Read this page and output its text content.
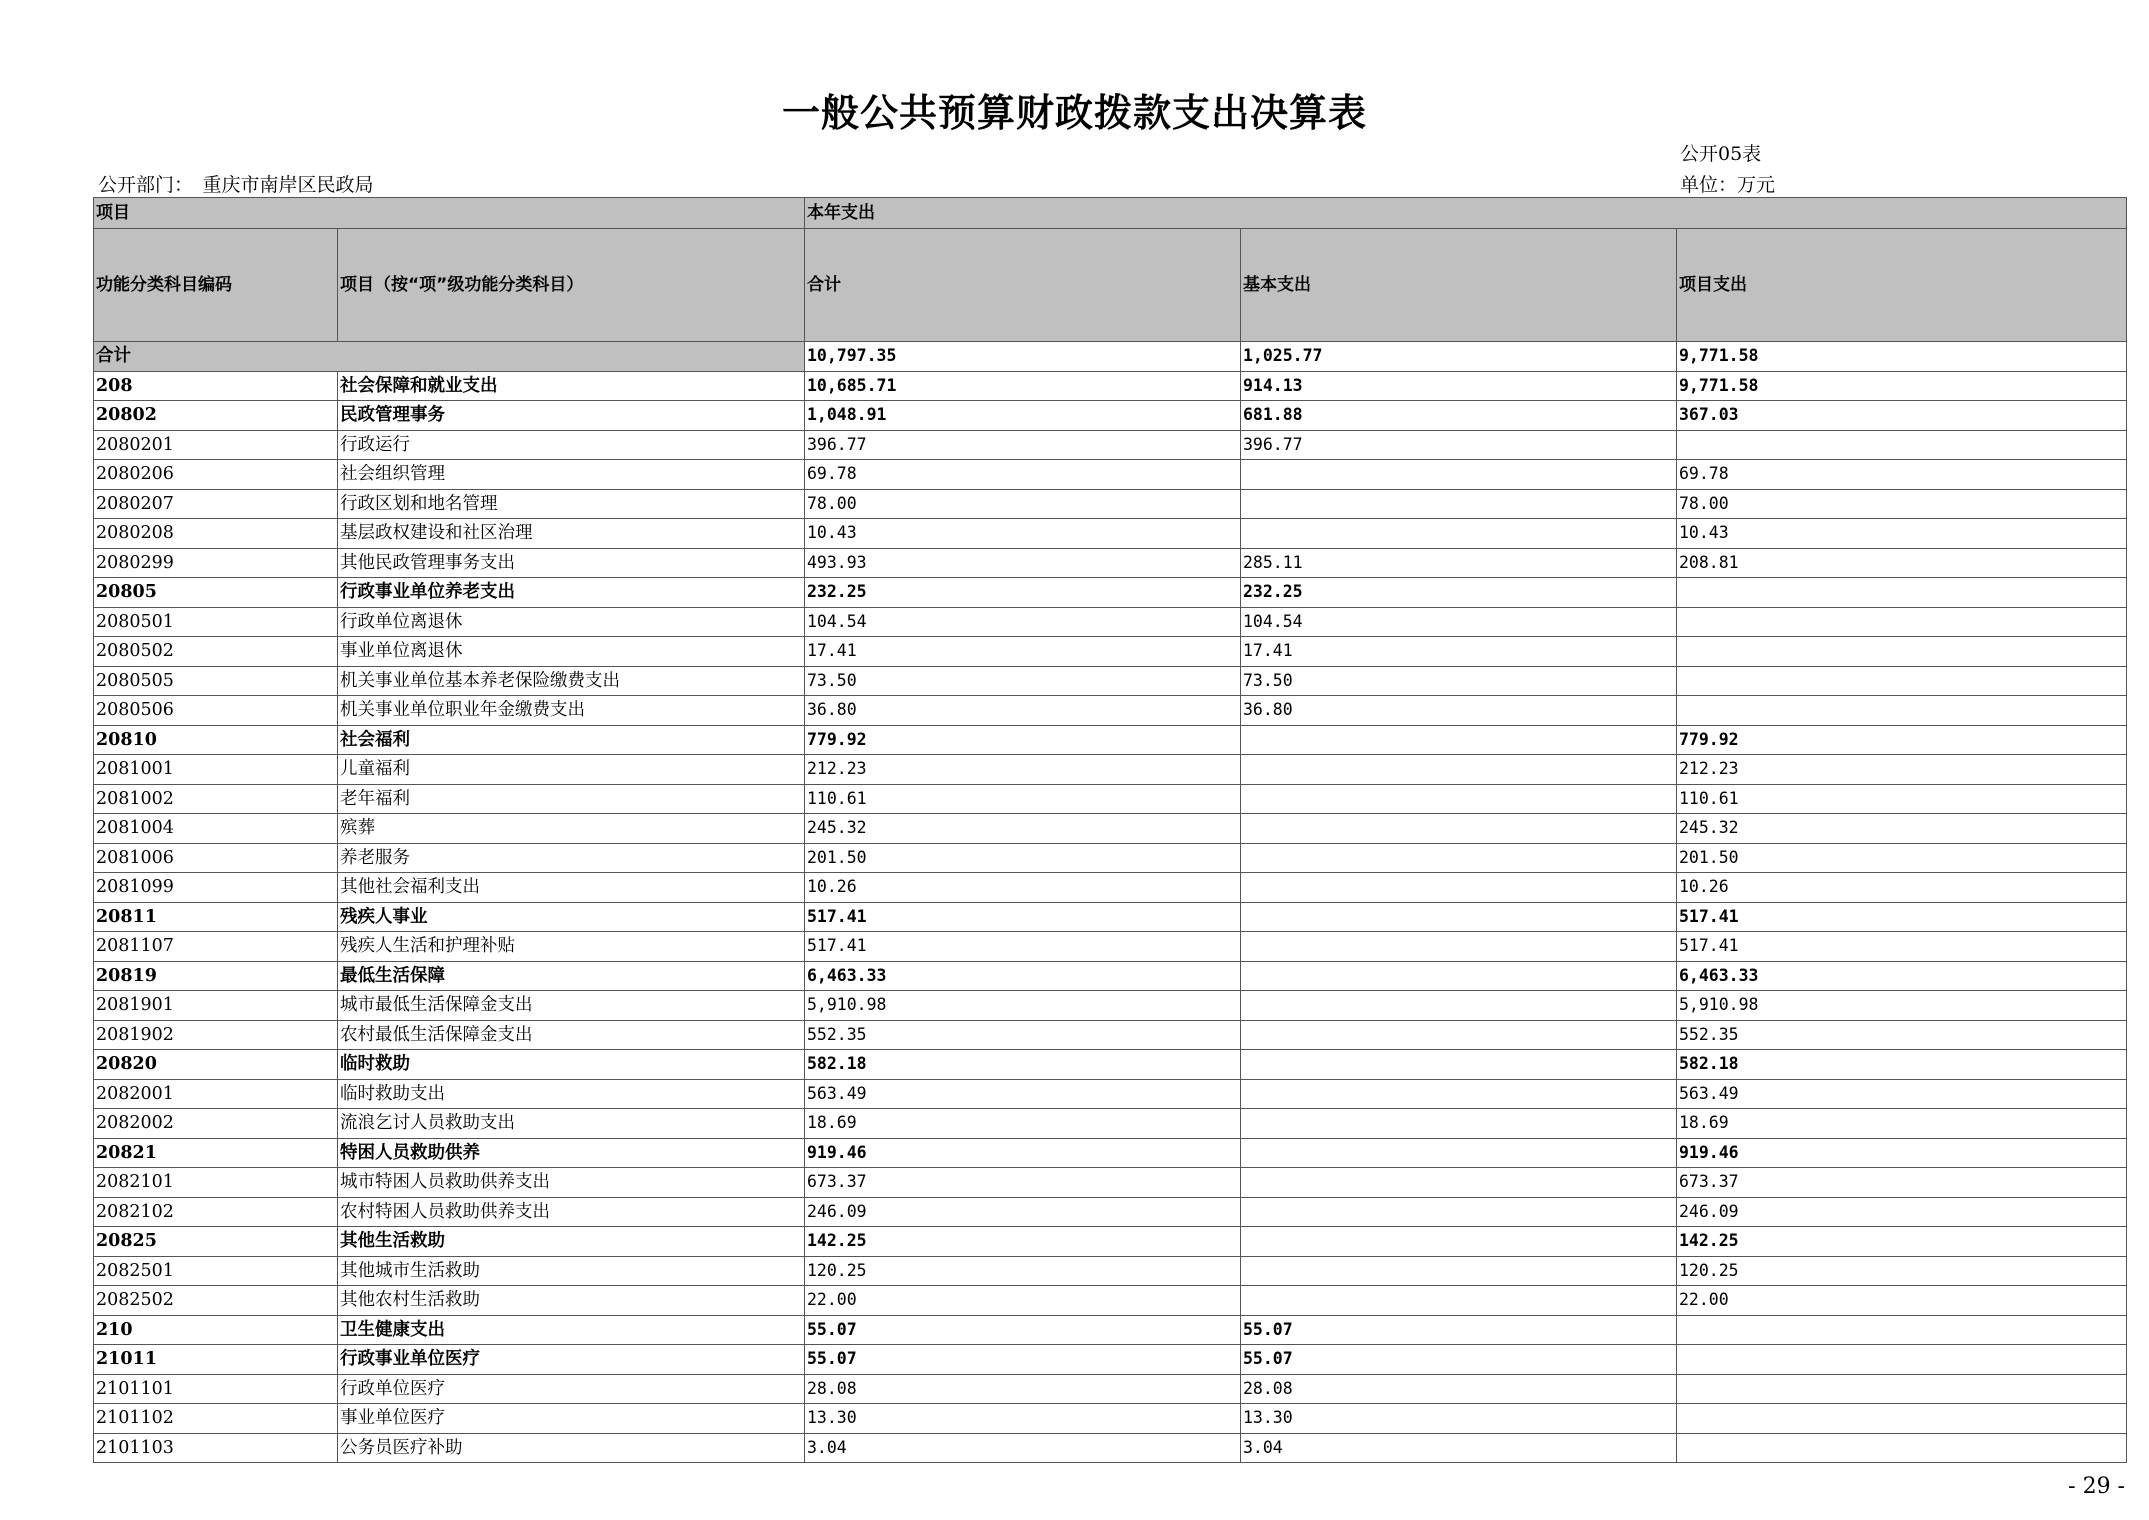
一般公共预算财政拨款支出决算表
公开05表
公开部门：　重庆市南岸区民政局	单位：万元
项目		本年支出		
功能分类科目编码	项目（按“项”级功能分类科目）	合计	基本支出	项目支出
合计		10,797.35	1,025.77	9,771.58
208	社会保障和就业支出	10,685.71	914.13	9,771.58
20802	民政管理事务	1,048.91	681.88	367.03
2080201	行政运行	396.77	396.77	
2080206	社会组织管理	69.78		69.78
2080207	行政区划和地名管理	78.00		78.00
2080208	基层政权建设和社区治理	10.43		10.43
2080299	其他民政管理事务支出	493.93	285.11	208.81
20805	行政事业单位养老支出	232.25	232.25	
2080501	行政单位离退休	104.54	104.54	
2080502	事业单位离退休	17.41	17.41	
2080505	机关事业单位基本养老保险缴费支出	73.50	73.50	
2080506	机关事业单位职业年金缴费支出	36.80	36.80	
20810	社会福利	779.92		779.92
2081001	儿童福利	212.23		212.23
2081002	老年福利	110.61		110.61
2081004	殡葬	245.32		245.32
2081006	养老服务	201.50		201.50
2081099	其他社会福利支出	10.26		10.26
20811	残疾人事业	517.41		517.41
2081107	残疾人生活和护理补贴	517.41		517.41
20819	最低生活保障	6,463.33		6,463.33
2081901	城市最低生活保障金支出	5,910.98		5,910.98
2081902	农村最低生活保障金支出	552.35		552.35
20820	临时救助	582.18		582.18
2082001	临时救助支出	563.49		563.49
2082002	流浪乞讨人员救助支出	18.69		18.69
20821	特困人员救助供养	919.46		919.46
2082101	城市特困人员救助供养支出	673.37		673.37
2082102	农村特困人员救助供养支出	246.09		246.09
20825	其他生活救助	142.25		142.25
2082501	其他城市生活救助	120.25		120.25
2082502	其他农村生活救助	22.00		22.00
210	卫生健康支出	55.07	55.07	
21011	行政事业单位医疗	55.07	55.07	
2101101	行政单位医疗	28.08	28.08	
2101102	事业单位医疗	13.30	13.30	
2101103	公务员医疗补助	3.04	3.04	
- 29 -
